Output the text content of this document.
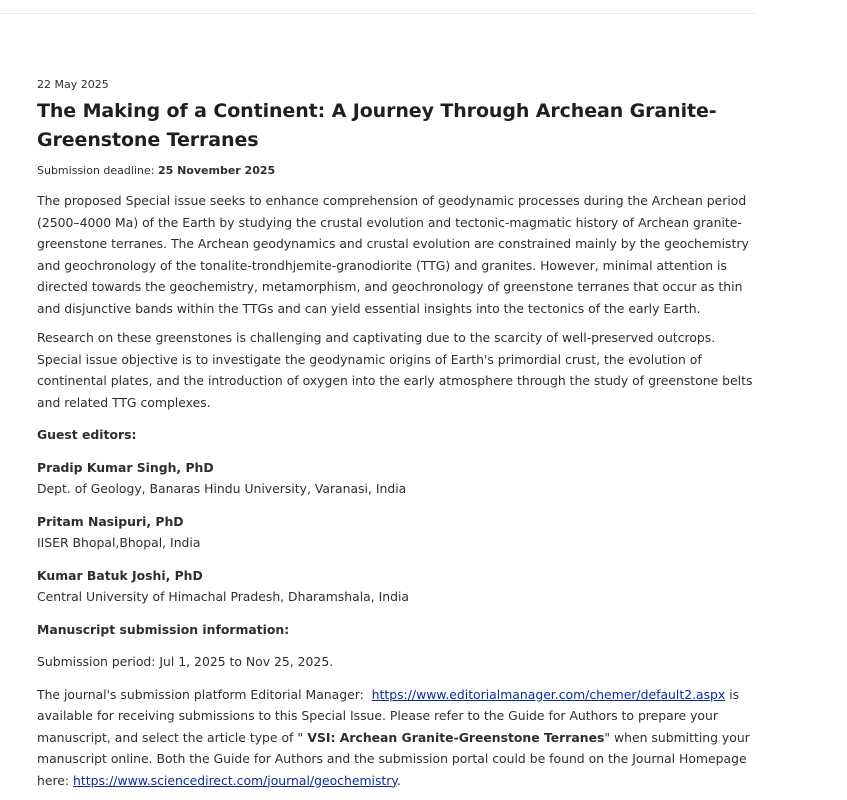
22 May 2025

The Making of a Continent: A Journey Through Archean Granite-Greenstone Terranes

Submission deadline: 25 November 2025

The proposed Special issue seeks to enhance comprehension of geodynamic processes during the Archean period (2500–4000 Ma) of the Earth by studying the crustal evolution and tectonic-magmatic history of Archean granite-greenstone terranes. The Archean geodynamics and crustal evolution are constrained mainly by the geochemistry and geochronology of the tonalite-trondhjemite-granodiorite (TTG) and granites. However, minimal attention is directed towards the geochemistry, metamorphism, and geochronology of greenstone terranes that occur as thin and disjunctive bands within the TTGs and can yield essential insights into the tectonics of the early Earth.

Research on these greenstones is challenging and captivating due to the scarcity of well-preserved outcrops. Special issue objective is to investigate the geodynamic origins of Earth's primordial crust, the evolution of continental plates, and the introduction of oxygen into the early atmosphere through the study of greenstone belts and related TTG complexes.

Guest editors:

Pradip Kumar Singh, PhD
Dept. of Geology, Banaras Hindu University, Varanasi, India

Pritam Nasipuri, PhD
IISER Bhopal,Bhopal, India

Kumar Batuk Joshi, PhD
Central University of Himachal Pradesh, Dharamshala, India

Manuscript submission information:

Submission period: Jul 1, 2025 to Nov 25, 2025.

The journal's submission platform Editorial Manager:  https://www.editorialmanager.com/chemer/default2.aspx is available for receiving submissions to this Special Issue. Please refer to the Guide for Authors to prepare your manuscript, and select the article type of " VSI: Archean Granite-Greenstone Terranes" when submitting your manuscript online. Both the Guide for Authors and the submission portal could be found on the Journal Homepage here: https://www.sciencedirect.com/journal/geochemistry.
